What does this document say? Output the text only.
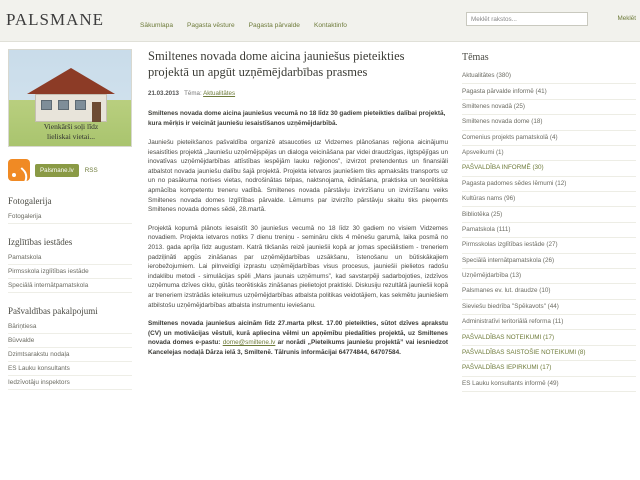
PALSMANE	Sākumlapa Pagasta vēsture Pagasta pārvalde Kontaktinfo
Meklēt rakstos...	Meklēt
Vienkārši soļi līdz
lieliskai vietai...
Palsmane.lv	RSS
Fotogalerija
Fotogalerija
Izglītības iestādes
Pamatskola
Pirmsskola izglītības iestāde
Speciālā internātpamatskola
Pašvaldības pakalpojumi
Bāriņtiesa
Būvvalde
Dzimtsarakstu nodaļa
ES Lauku konsultants
Iedzīvotāju inspektors
Smiltenes novada dome aicina jauniešus pieteikties projektā un apgūt uzņēmējdarbības prasmes
21.03.2013 Tēma: Aktualitātes
Smiltenes novada dome aicina jauniešus vecumā no 18 līdz 30 gadiem pieteikties dalībai projektā, kura mērķis ir veicināt jauniešu iesaistīšanos uzņēmējdarbībā.
Jauniešu pieteikšanos pašvaldība organizē atsaucoties uz Vidzemes plānošanas reģiona aicinājumu iesaistīties projektā „Jauniešu uzņēmējspējas un dialoga veicināšana par videi draudzīgas, ilgtspējīgas un inovatīvas uzņēmējdarbības attīstības iespējām lauku reģionos”, izvirzot pretendentus un finansiāli atbalstot novada jauniešu dalību šajā projektā. Projekta ietvaros jauniešiem tiks apmaksāts transports uz un no pasākuma norises vietas, nodrošinātas telpas, naktsnojama, ēdināšana, praktiska un teorētiska apmācība kompetentu treneru vadībā. Smiltenes novada pārstāvju izvirzīšanu un izvirzīšanu veiks Smiltenes novada domes Izglītības pārvalde. Lēmums par izvirzīto pārstāvju skaitu tiks pieņemts Smiltenes novada domes sēdē, 28.martā.
Projektā kopumā plānots iesaistīt 30 jauniešus vecumā no 18 līdz 30 gadiem no visiem Vidzemes novadiem. Projekta ietvaros notiks 7 dienu treniņu - semināru cikls 4 mēnešu garumā, laika posmā no 2013. gada aprīļa līdz augustam. Katrā tikšanās reizē jauniešii kopā ar jomas speciālistiem - treneriem padziļināti apgūs zināšanas par uzņēmējdarbības uzsākšanu, īstenošanu un būtiskākajiem ierobežojumiem. Lai pilnveidīgi izprastu uzņēmējdarbības visus procesus, jauniešii pielietos radošu indaklibu metodi - simulācijas spēli „Mans jaunais uzņēmums”, kad savstarpēji sadarbojoties, izdzīvos uzņēmuma dzīves ciklu, gūtās teorētiskās zināšanas pielietojot praktiski. Diskusiju rezultātā jauniešii kopā ar treneriem izstrādās ieteikumus uzņēmējdarbības atbalsta politikas veidotājiem, kas sekmētu jauniešiem atbilstošu uzņēmējdarbības atbalsta instrumentu ieviešanu.
Smiltenes novada jauniešus aicinām līdz 27.marta plkst. 17.00 pieteikties, sūtot dzīves aprakstu (CV) un motivācijas vēstuli, kurā apliecina vēlmi un apņēmību piedalīties projektā, uz Smiltenes novada domes e-pastu: dome@smiltene.lv ar norādi „Pieteikums jauniešu projektā” vai iesniedzot Kancelejas nodaļā Dārza ielā 3, Smiltenē. Tālrunis informācijai 64774844, 64707584.
Tēmas
Aktualitātes (380)
Pagasta pārvalde informē (41)
Smiltenes novadā (25)
Smiltenes novada dome (18)
Comenius projekts pamatskolā (4)
Apsveikumi (1)
PAŠVALDĪBA INFORMĒ (30)
Pagasta padomes sēdes lēmumi (12)
Kultūras nams (96)
Bibliotēka (25)
Pamatskola (111)
Pirmsskolas izglītības iestāde (27)
Speciālā internātpamatskola (26)
Uzņēmējdarbība (13)
Palsmanes ev. lut. draudze (10)
Sieviešu biedrība "Spēkavots" (44)
Administratīvi teritoriālā reforma (11)
PAŠVALDĪBAS NOTEIKUMI (17)
PAŠVALDĪBAS SAISTOŠIE NOTEIKUMI (8)
PAŠVALDĪBAS IEPIRKUMI (17)
ES Lauku konsultants informē (49)
